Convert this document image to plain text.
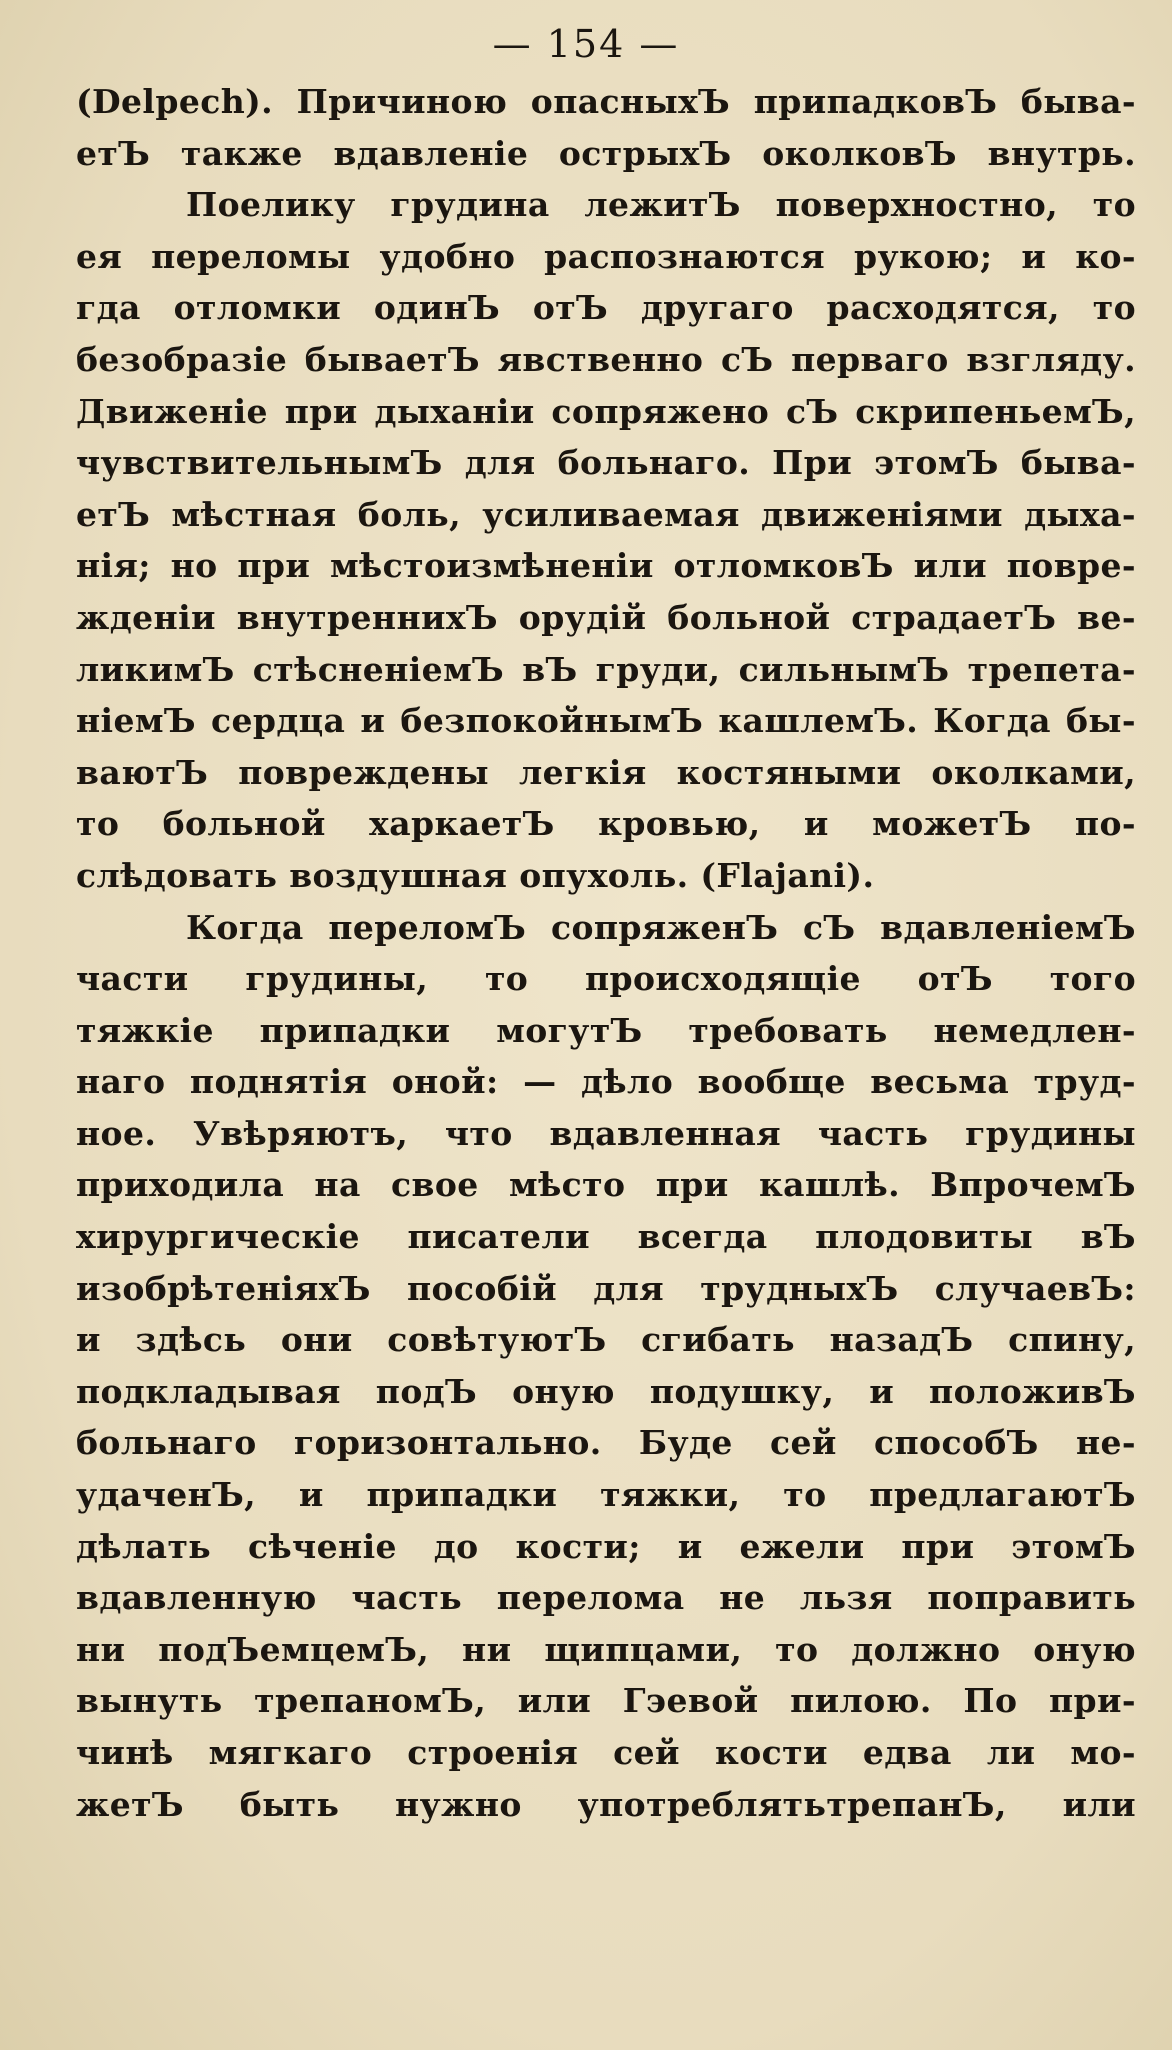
— 154 —
(Delpech). Причиною опасныхЪ припадковЪ быва-
етЪ также вдавленіе острыхЪ околковЪ внутрь.
Поелику грудина лежитЪ поверхностно, то
ея переломы удобно распознаются рукою; и ко-
гда отломки одинЪ отЪ другаго расходятся, то
безобразіе бываетЪ явственно сЪ перваго взгляду.
Движеніе при дыханіи сопряжено сЪ скрипеньемЪ,
чувствительнымЪ для больнаго. При этомЪ быва-
етЪ мѣстная боль, усиливаемая движеніями дыха-
нія; но при мѣстоизмѣненіи отломковЪ или повре-
жденіи внутреннихЪ орудій больной страдаетЪ ве-
ликимЪ стѣсненіемЪ вЪ груди, сильнымЪ трепета-
ніемЪ сердца и безпокойнымЪ кашлемЪ. Когда бы-
ваютЪ повреждены легкія костяными околками,
то больной харкаетЪ кровью, и можетЪ по-
слѣдовать воздушная опухоль. (Flajani).
Когда переломЪ сопряженЪ сЪ вдавленіемЪ
части грудины, то происходящіе отЪ того
тяжкіе припадки могутЪ требовать немедлен-
наго поднятія оной: — дѣло вообще весьма труд-
ное. Увѣряютъ, что вдавленная часть грудины
приходила на свое мѣсто при кашлѣ. ВпрочемЪ
хирургическіе писатели всегда плодовиты вЪ
изобрѣтеніяхЪ пособій для трудныхЪ случаевЪ:
и здѣсь они совѣтуютЪ сгибать назадЪ спину,
подкладывая подЪ оную подушку, и положивЪ
больнаго горизонтально. Буде сей способЪ не-
удаченЪ, и припадки тяжки, то предлагаютЪ
дѣлать сѣченіе до кости; и ежели при этомЪ
вдавленную часть перелома не льзя поправить
ни подЪемцемЪ, ни щипцами, то должно оную
вынуть трепаномЪ, или Гэевой пилою. По при-
чинѣ мягкаго строенія сей кости едва ли мо-
жетЪ быть нужно употреблятьтрепанЪ, или
